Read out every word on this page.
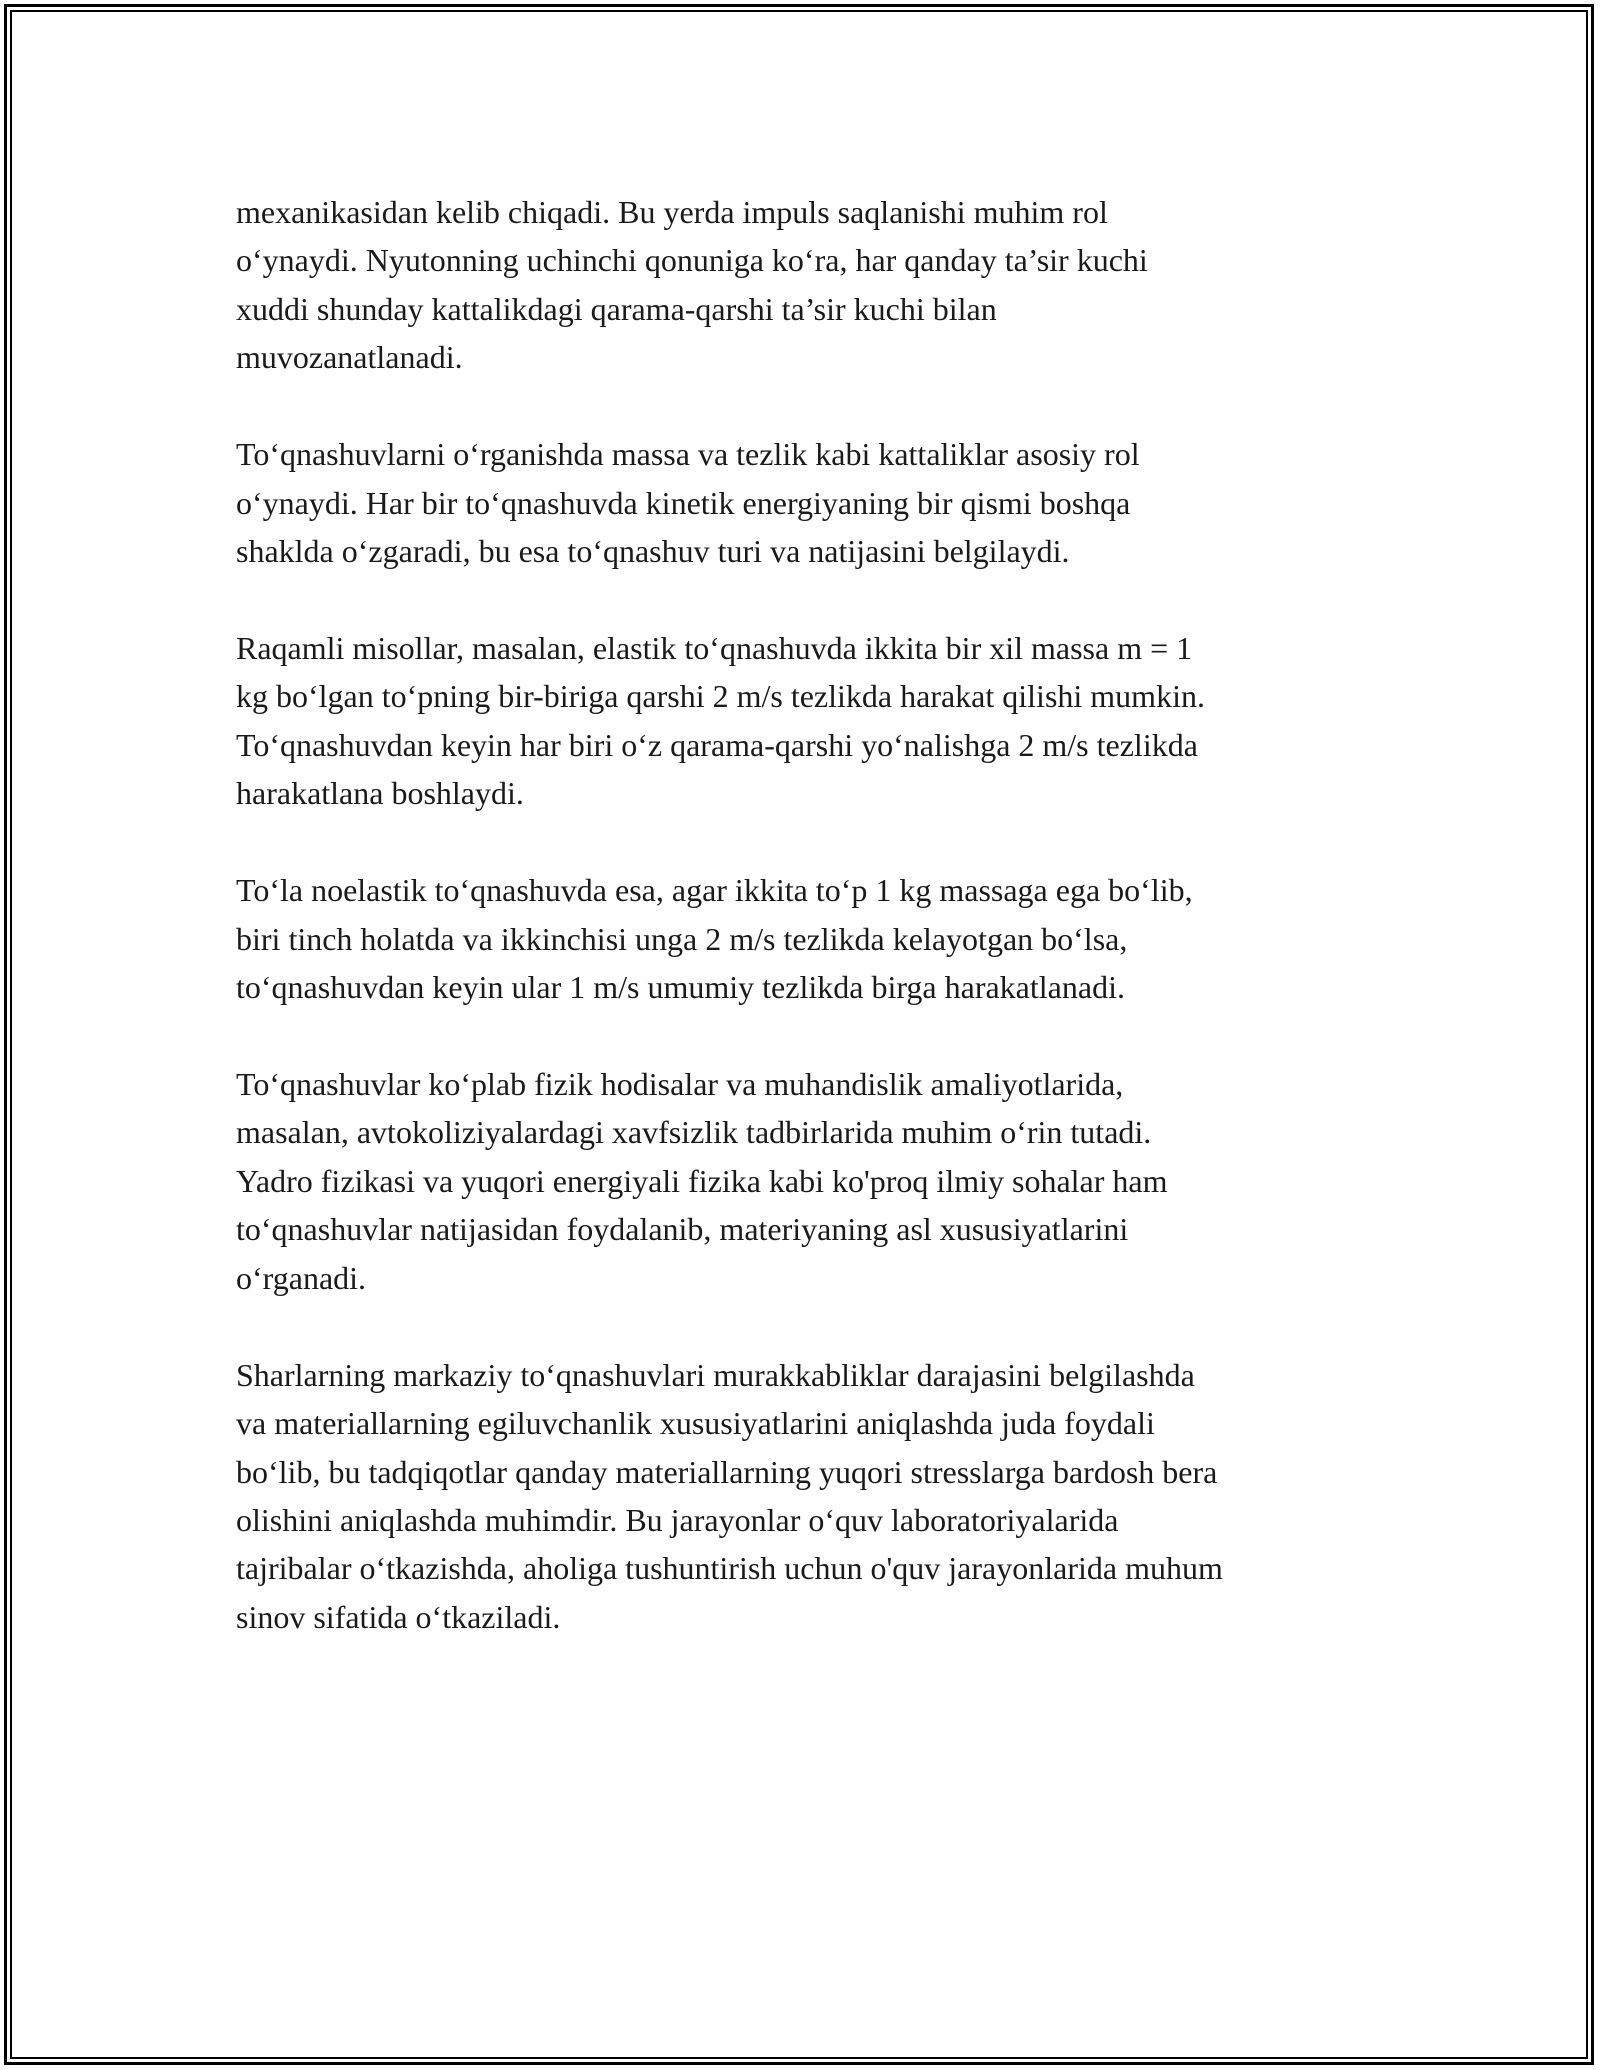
mexanikasidan kelib chiqadi. Bu yerda impuls saqlanishi muhim rol
o‘ynaydi. Nyutonning uchinchi qonuniga ko‘ra, har qanday ta’sir kuchi
xuddi shunday kattalikdagi qarama-qarshi ta’sir kuchi bilan
muvozanatlanadi.

To‘qnashuvlarni o‘rganishda massa va tezlik kabi kattaliklar asosiy rol
o‘ynaydi. Har bir to‘qnashuvda kinetik energiyaning bir qismi boshqa
shaklda o‘zgaradi, bu esa to‘qnashuv turi va natijasini belgilaydi.

Raqamli misollar, masalan, elastik to‘qnashuvda ikkita bir xil massa m = 1
kg bo‘lgan to‘pning bir-biriga qarshi 2 m/s tezlikda harakat qilishi mumkin.
To‘qnashuvdan keyin har biri o‘z qarama-qarshi yo‘nalishga 2 m/s tezlikda
harakatlana boshlaydi.

To‘la noelastik to‘qnashuvda esa, agar ikkita to‘p 1 kg massaga ega bo‘lib,
biri tinch holatda va ikkinchisi unga 2 m/s tezlikda kelayotgan bo‘lsa,
to‘qnashuvdan keyin ular 1 m/s umumiy tezlikda birga harakatlanadi.

To‘qnashuvlar ko‘plab fizik hodisalar va muhandislik amaliyotlarida,
masalan, avtokoliziyalardagi xavfsizlik tadbirlarida muhim o‘rin tutadi.
Yadro fizikasi va yuqori energiyali fizika kabi ko'proq ilmiy sohalar ham
to‘qnashuvlar natijasidan foydalanib, materiyaning asl xususiyatlarini
o‘rganadi.

Sharlarning markaziy to‘qnashuvlari murakkabliklar darajasini belgilashda
va materiallarning egiluvchanlik xususiyatlarini aniqlashda juda foydali
bo‘lib, bu tadqiqotlar qanday materiallarning yuqori stresslarga bardosh bera
olishini aniqlashda muhimdir. Bu jarayonlar o‘quv laboratoriyalarida
tajribalar o‘tkazishda, aholiga tushuntirish uchun o'quv jarayonlarida muhum
sinov sifatida o‘tkaziladi.
